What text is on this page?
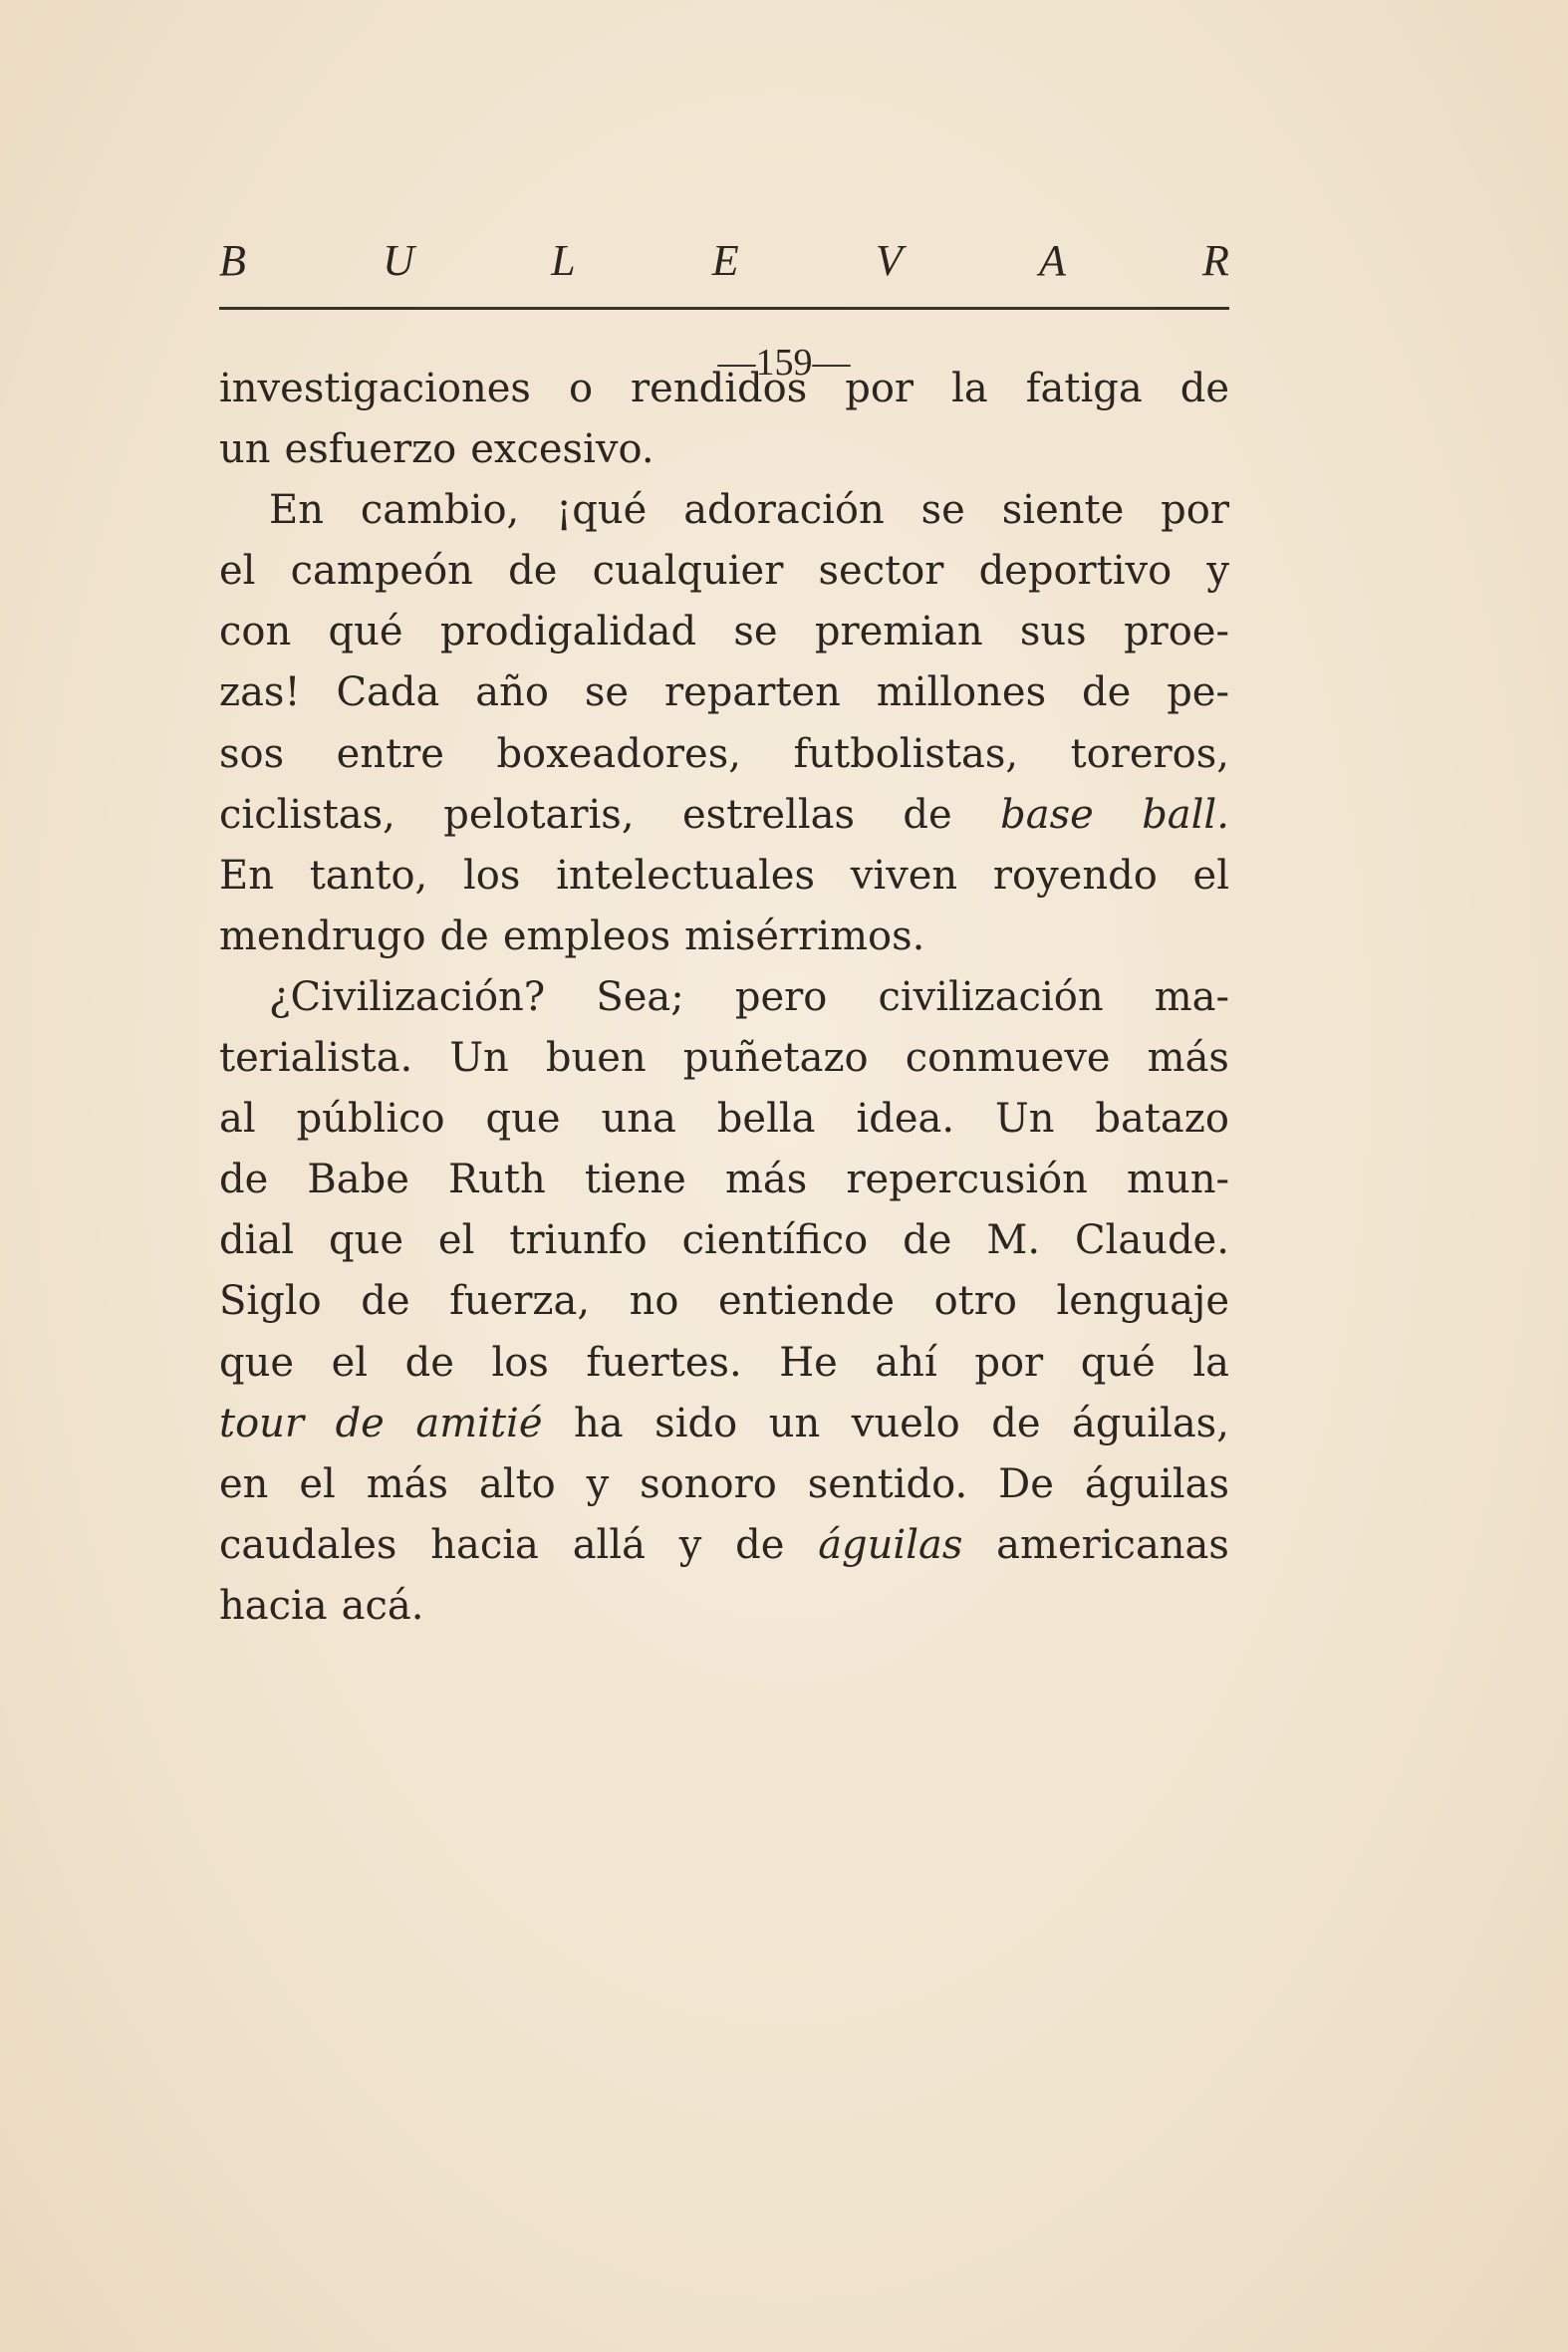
B	U	L	E	V	A	R
investigaciones o rendidos por la fatiga de
un esfuerzo excesivo.
En cambio, ¡qué adoración se siente por
el campeón de cualquier sector deportivo y
con qué prodigalidad se premian sus proe-
zas! Cada año se reparten millones de pe-
sos entre boxeadores, futbolistas, toreros,
ciclistas, pelotaris, estrellas de base ball.
En tanto, los intelectuales viven royendo el
mendrugo de empleos misérrimos.
¿Civilización? Sea; pero civilización ma-
terialista. Un buen puñetazo conmueve más
al público que una bella idea. Un batazo
de Babe Ruth tiene más repercusión mun-
dial que el triunfo científico de M. Claude.
Siglo de fuerza, no entiende otro lenguaje
que el de los fuertes. He ahí por qué la
tour de amitié ha sido un vuelo de águilas,
en el más alto y sonoro sentido. De águilas
caudales hacia allá y de águilas americanas
hacia acá.
—159—
